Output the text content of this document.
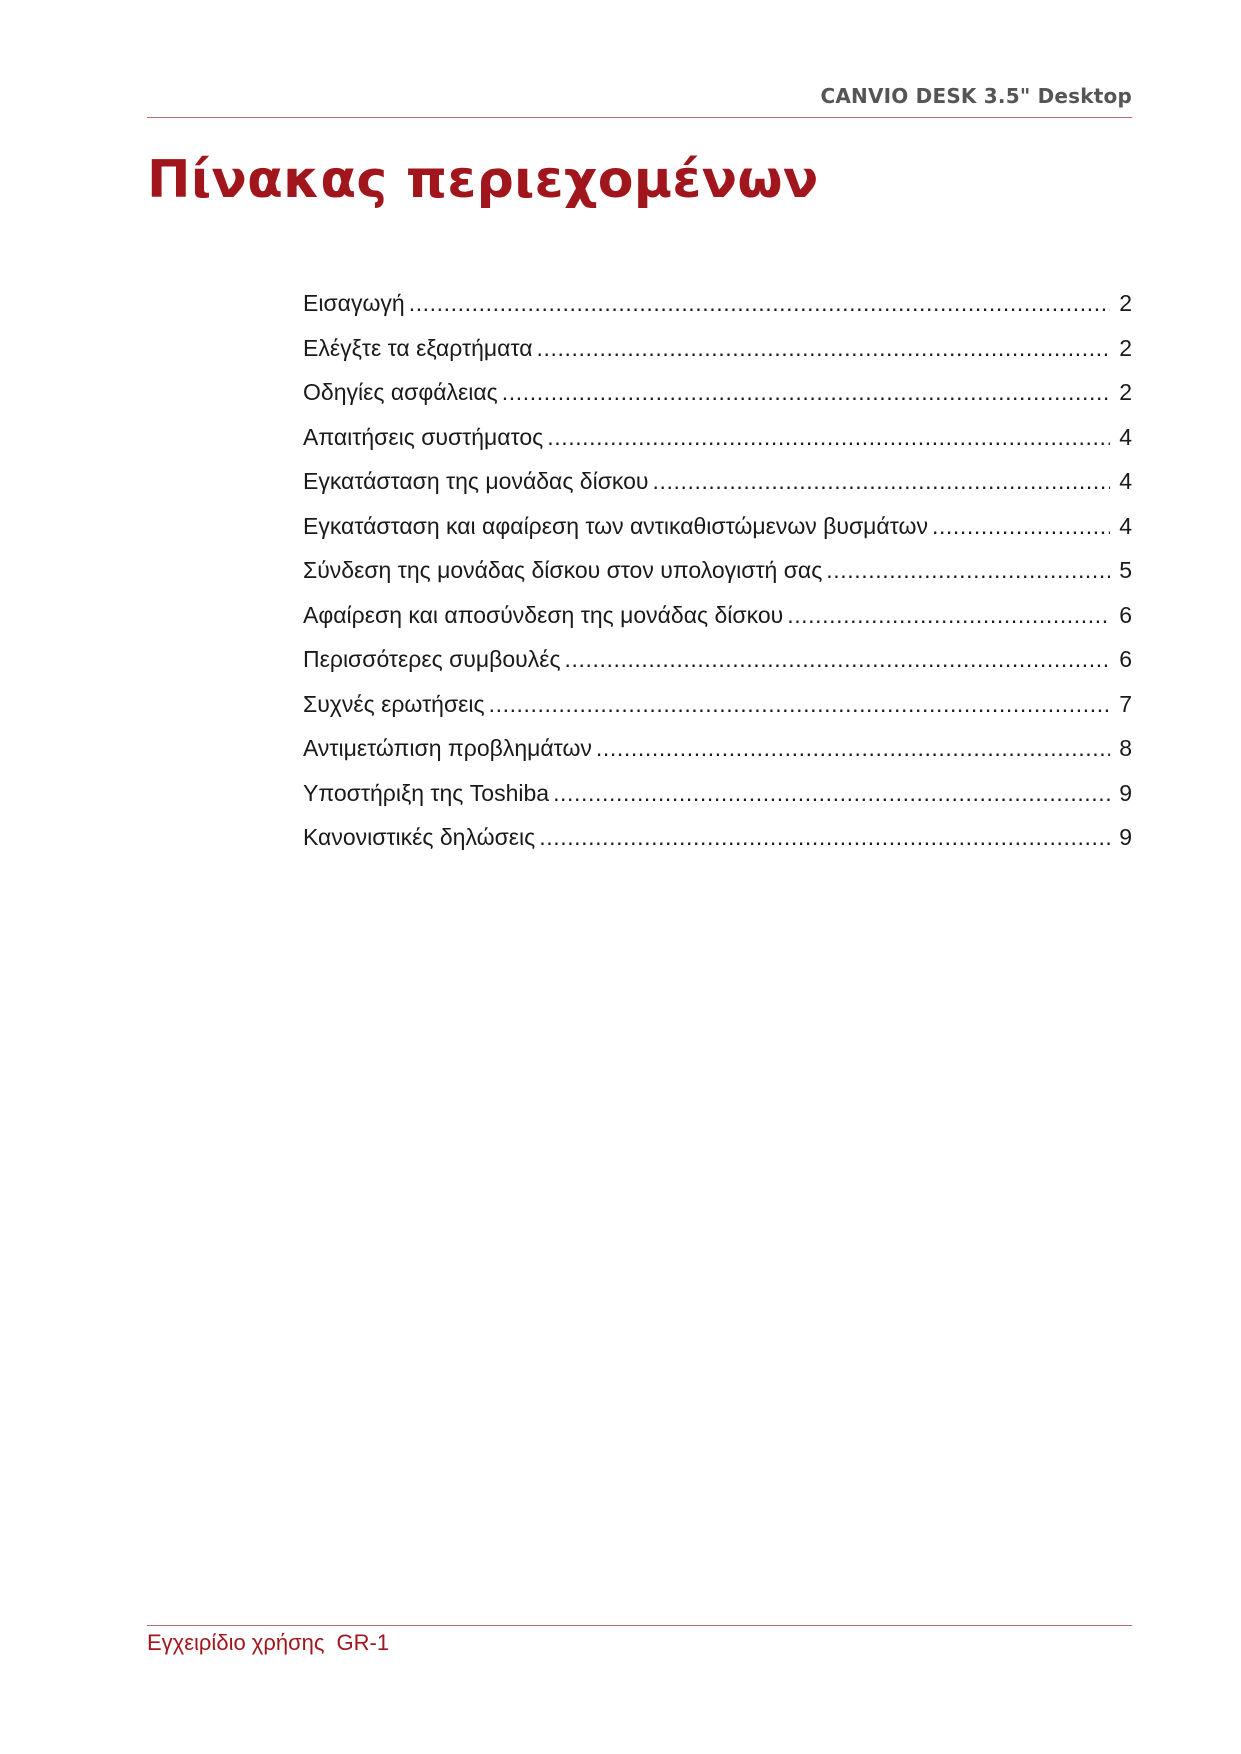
CANVIO DESK 3.5" Desktop
Πίνακας περιεχομένων
Εισαγωγή .....	2
Ελέγξτε τα εξαρτήματα .....	2
Οδηγίες ασφάλειας .....	2
Απαιτήσεις συστήματος .....	4
Εγκατάσταση της μονάδας δίσκου .....	4
Εγκατάσταση και αφαίρεση των αντικαθιστώμενων βυσμάτων .....	4
Σύνδεση της μονάδας δίσκου στον υπολογιστή σας .....	5
Αφαίρεση και αποσύνδεση της μονάδας δίσκου .....	6
Περισσότερες συμβουλές .....	6
Συχνές ερωτήσεις .....	7
Αντιμετώπιση προβλημάτων .....	8
Υποστήριξη της Toshiba .....	9
Κανονιστικές δηλώσεις .....	9
Εγχειρίδιο χρήσης GR-1
